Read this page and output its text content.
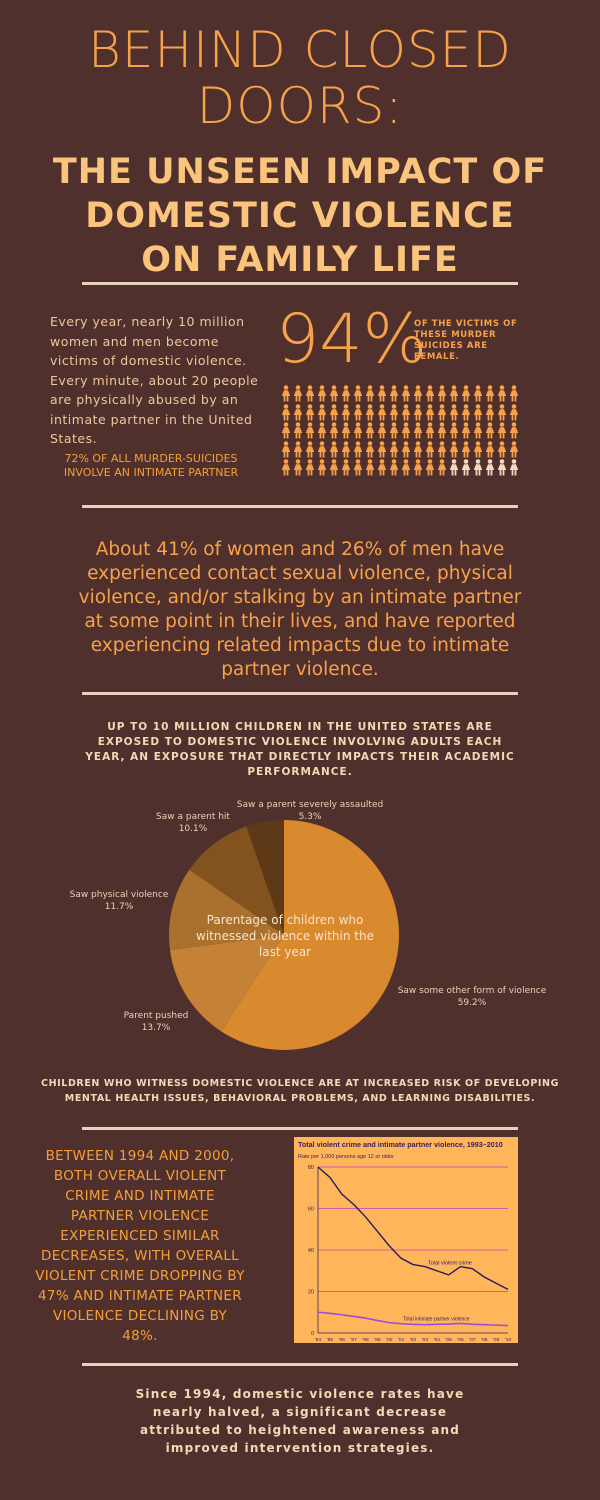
BEHIND CLOSED
DOORS:
THE UNSEEN IMPACT OF
DOMESTIC VIOLENCE
ON FAMILY LIFE
Every year, nearly 10 million women and men become victims of domestic violence. Every minute, about 20 people are physically abused by an intimate partner in the United States.
72% OF ALL MURDER-SUICIDES INVOLVE AN INTIMATE PARTNER
94%
OF THE VICTIMS OF THESE MURDER SUICIDES ARE FEMALE.
About 41% of women and 26% of men have experienced contact sexual violence, physical violence, and/or stalking by an intimate partner at some point in their lives, and have reported experiencing related impacts due to intimate partner violence.
UP TO 10 MILLION CHILDREN IN THE UNITED STATES ARE EXPOSED TO DOMESTIC VIOLENCE INVOLVING ADULTS EACH YEAR, AN EXPOSURE THAT DIRECTLY IMPACTS THEIR ACADEMIC PERFORMANCE.
Parentage of children who witnessed violence within the last year
Saw a parent severely assaulted
5.3%
Saw a parent hit
10.1%
Saw physical violence
11.7%
Parent pushed
13.7%
Saw some other form of violence
59.2%
CHILDREN WHO WITNESS DOMESTIC VIOLENCE ARE AT INCREASED RISK OF DEVELOPING MENTAL HEALTH ISSUES, BEHAVIORAL PROBLEMS, AND LEARNING DISABILITIES.
BETWEEN 1994 AND 2000, BOTH OVERALL VIOLENT CRIME AND INTIMATE PARTNER VIOLENCE EXPERIENCED SIMILAR DECREASES, WITH OVERALL VIOLENT CRIME DROPPING BY 47% AND INTIMATE PARTNER VIOLENCE DECLINING BY 48%.
Total violent crime and intimate partner violence, 1993–2010
Rate per 1,000 persons age 12 or older
0
20
40
60
80
'94 '95 '96 '97 '98 '99 '00 '01 '02 '03 '04 '05 '06 '07 '08 '09 '10
Total violent crime
Total intimate partner violence
Since 1994, domestic violence rates have nearly halved, a significant decrease attributed to heightened awareness and improved intervention strategies.
